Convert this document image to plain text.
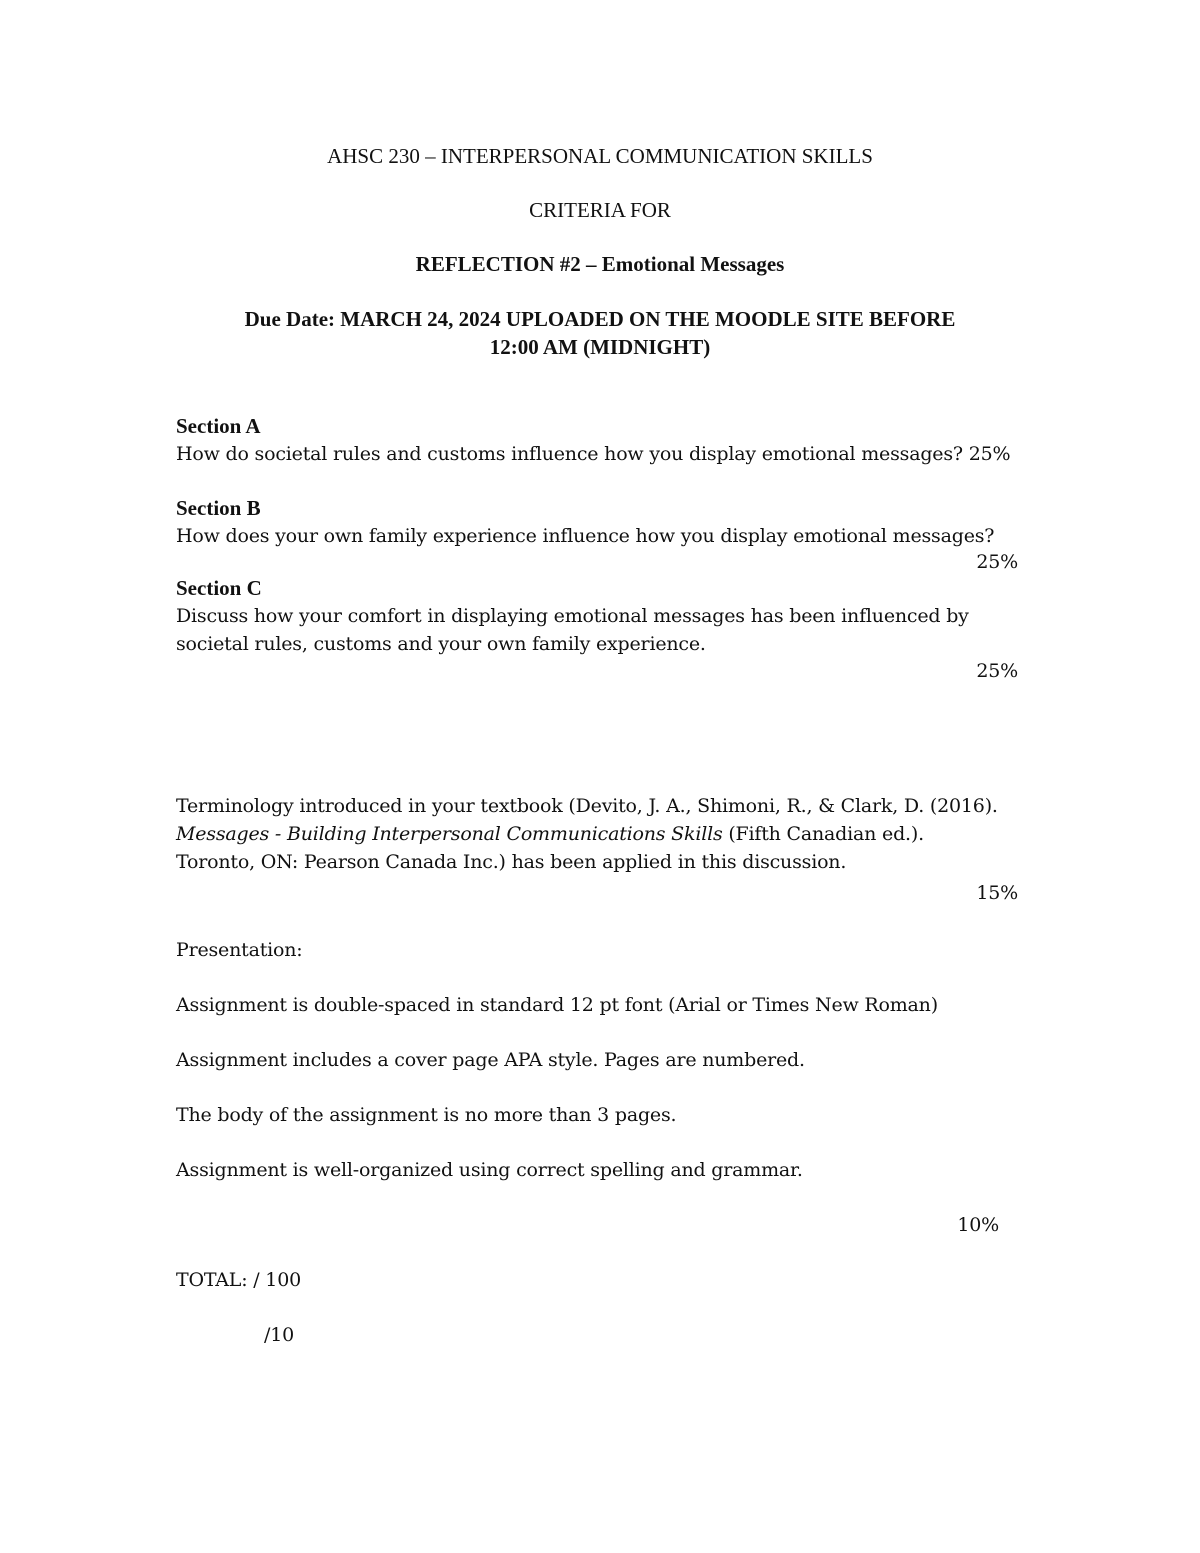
AHSC 230 – INTERPERSONAL COMMUNICATION SKILLS
CRITERIA FOR
REFLECTION #2 – Emotional Messages
Due Date: MARCH 24, 2024 UPLOADED ON THE MOODLE SITE BEFORE
12:00 AM (MIDNIGHT)
Section A
How do societal rules and customs influence how you display emotional messages? 25%
Section B
How does your own family experience influence how you display emotional messages?
25%
Section C
Discuss how your comfort in displaying emotional messages has been influenced by
societal rules, customs and your own family experience.
25%
Terminology introduced in your textbook (Devito, J. A., Shimoni, R., & Clark, D. (2016).
Messages - Building Interpersonal Communications Skills (Fifth Canadian ed.).
Toronto, ON: Pearson Canada Inc.) has been applied in this discussion.
15%
Presentation:
Assignment is double-spaced in standard 12 pt font (Arial or Times New Roman)
Assignment includes a cover page APA style. Pages are numbered.
The body of the assignment is no more than 3 pages.
Assignment is well-organized using correct spelling and grammar.
10%
TOTAL: / 100
/10
